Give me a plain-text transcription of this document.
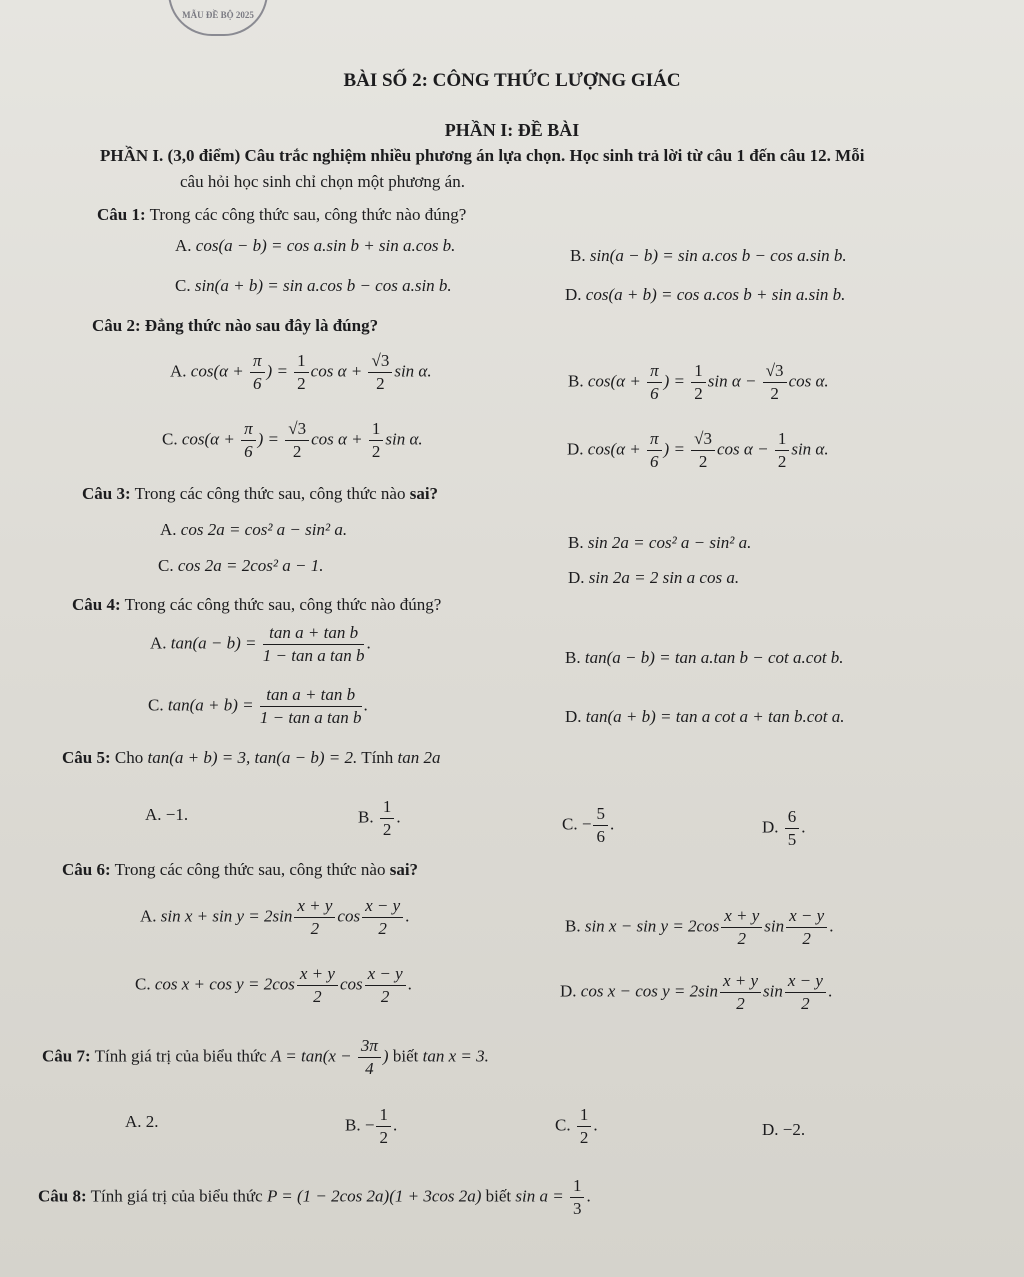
MẪU ĐỀ BỘ 2025
BÀI SỐ 2: CÔNG THỨC LƯỢNG GIÁC
PHẦN I: ĐỀ BÀI
PHẦN I. (3,0 điểm) Câu trắc nghiệm nhiều phương án lựa chọn. Học sinh trả lời từ câu 1 đến câu 12. Mỗi
câu hỏi học sinh chỉ chọn một phương án.
Câu 1: Trong các công thức sau, công thức nào đúng?
A. cos(a − b) = cos a.sin b + sin a.cos b.
B. sin(a − b) = sin a.cos b − cos a.sin b.
C. sin(a + b) = sin a.cos b − cos a.sin b.	D. cos(a + b) = cos a.cos b + sin a.sin b.
Câu 2: Đẳng thức nào sau đây là đúng?
A. $\cos(\alpha + \frac{\pi}{6}$ ) = $\frac{1}{2}$ $\cos \alpha + \frac{√3}{2}$ sin α.
B. $\cos(\alpha + \frac{\pi}{6}$ ) = $\frac{1}{2}$ $\sin \alpha - \frac{√3}{2}$ cos α.
C. $\cos(\alpha + \frac{\pi}{6}$ ) = $\frac{√3}{2}$ $\cos \alpha + \frac{1}{2}$ sin α.
D. $\cos(\alpha + \frac{\pi}{6}$ ) = $\frac{√3}{2}$ $\cos \alpha - \frac{1}{2}$ sin α.
Câu 3: Trong các công thức sau, công thức nào sai?
A. cos 2a = cos² a − sin² a.
B. sin 2a = cos² a − sin² a.
C. cos 2a = 2cos² a − 1.
D. sin 2a = 2 sin a cos a.
Câu 4: Trong các công thức sau, công thức nào đúng?
A. $\tan(a - b) = \frac{\text{tan a + tan b}}{\text{1 − tan a tan b}}$ .
B. tan(a − b) = tan a.tan b − cot a.cot b.
C. $\tan(a + b) = \frac{\text{tan a + tan b}}{\text{1 − tan a tan b}}$ .
D. tan(a + b) = tan a cot a + tan b.cot a.
Câu 5: Cho tan(a + b) = 3, tan(a − b) = 2. Tính tan 2a
A. −1.	B. $\frac{1}{2}$ .	C. − $\frac{5}{6}$ .	D. $\frac{6}{5}$ .
Câu 6: Trong các công thức sau, công thức nào sai?
A. $\sin x + \sin y = 2\sin \frac{x + y}{2}$ $\cos \frac{x - y}{2}$ .
B. $\sin x - \sin y = 2\cos \frac{x + y}{2}$ $\sin \frac{x - y}{2}$ .
C. $\cos x + \cos y = 2\cos \frac{x + y}{2}$ $\cos \frac{x - y}{2}$ .	D. $\cos x - \cos y = 2\sin \frac{x + y}{2}$ $\sin \frac{x - y}{2}$ .
Câu 7: Tính giá trị của biểu thức $A = \tan(x - \frac{3\pi}{4}$ ) biết tan x = 3.
A. 2.	B. − $\frac{1}{2}$ .	C. $\frac{1}{2}$ .	D. −2.
Câu 8: Tính giá trị của biểu thức P = (1 − 2cos 2a)(1 + 3cos 2a) biết $\sin a = \frac{1}{3}$ .
